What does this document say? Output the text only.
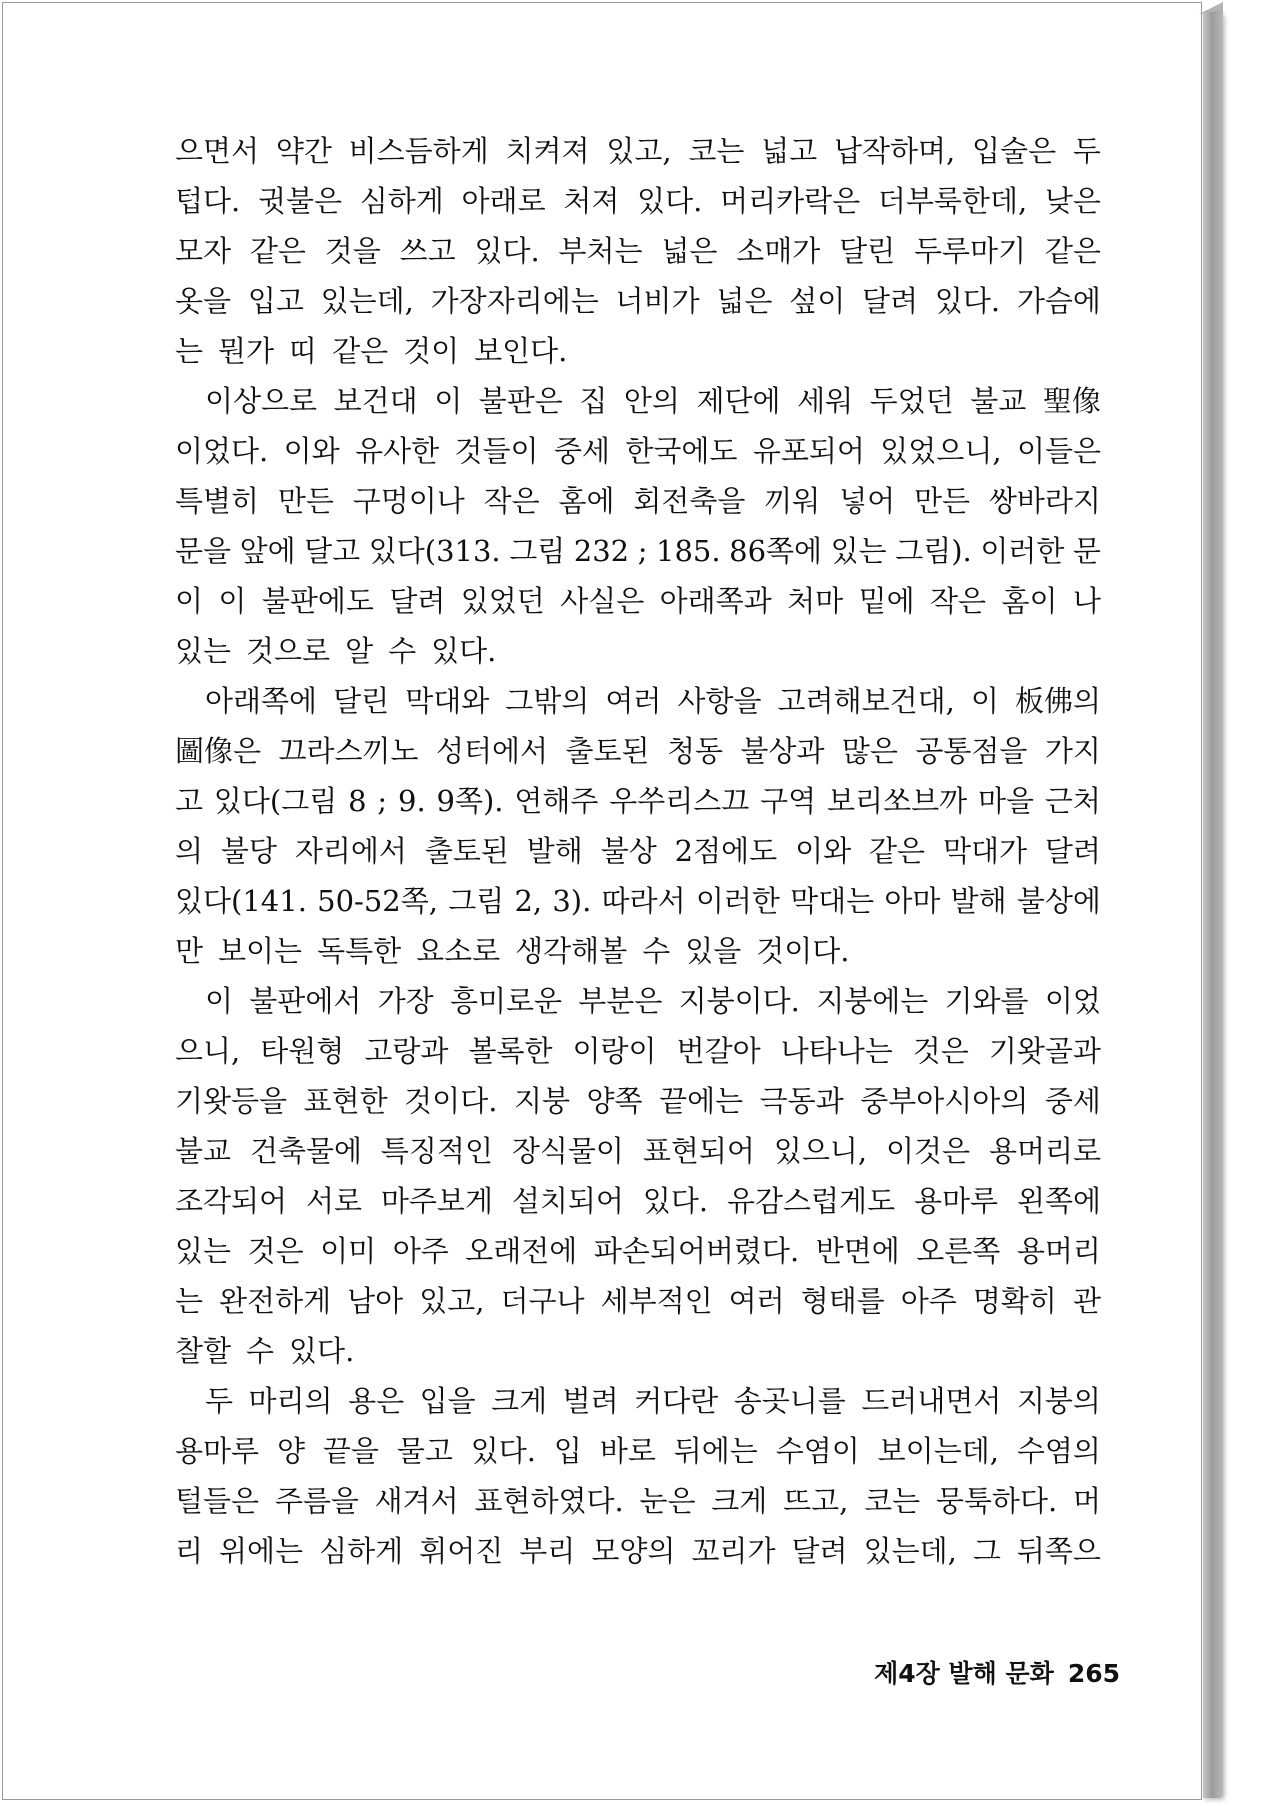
으면서 약간 비스듬하게 치켜져 있고, 코는 넓고 납작하며, 입술은 두
텁다. 귓불은 심하게 아래로 처져 있다. 머리카락은 더부룩한데, 낮은
모자 같은 것을 쓰고 있다. 부처는 넓은 소매가 달린 두루마기 같은
옷을 입고 있는데, 가장자리에는 너비가 넓은 섶이 달려 있다. 가슴에
는 뭔가 띠 같은 것이 보인다.
이상으로 보건대 이 불판은 집 안의 제단에 세워 두었던 불교 聖像
이었다. 이와 유사한 것들이 중세 한국에도 유포되어 있었으니, 이들은
특별히 만든 구멍이나 작은 홈에 회전축을 끼워 넣어 만든 쌍바라지
문을 앞에 달고 있다(313. 그림 232 ; 185. 86쪽에 있는 그림). 이러한 문
이 이 불판에도 달려 있었던 사실은 아래쪽과 처마 밑에 작은 홈이 나
있는 것으로 알 수 있다.
아래쪽에 달린 막대와 그밖의 여러 사항을 고려해보건대, 이 板佛의
圖像은 끄라스끼노 성터에서 출토된 청동 불상과 많은 공통점을 가지
고 있다(그림 8 ; 9. 9쪽). 연해주 우쑤리스끄 구역 보리쏘브까 마을 근처
의 불당 자리에서 출토된 발해 불상 2점에도 이와 같은 막대가 달려
있다(141. 50-52쪽, 그림 2, 3). 따라서 이러한 막대는 아마 발해 불상에
만 보이는 독특한 요소로 생각해볼 수 있을 것이다.
이 불판에서 가장 흥미로운 부분은 지붕이다. 지붕에는 기와를 이었
으니, 타원형 고랑과 볼록한 이랑이 번갈아 나타나는 것은 기왓골과
기왓등을 표현한 것이다. 지붕 양쪽 끝에는 극동과 중부아시아의 중세
불교 건축물에 특징적인 장식물이 표현되어 있으니, 이것은 용머리로
조각되어 서로 마주보게 설치되어 있다. 유감스럽게도 용마루 왼쪽에
있는 것은 이미 아주 오래전에 파손되어버렸다. 반면에 오른쪽 용머리
는 완전하게 남아 있고, 더구나 세부적인 여러 형태를 아주 명확히 관
찰할 수 있다.
두 마리의 용은 입을 크게 벌려 커다란 송곳니를 드러내면서 지붕의
용마루 양 끝을 물고 있다. 입 바로 뒤에는 수염이 보이는데, 수염의
털들은 주름을 새겨서 표현하였다. 눈은 크게 뜨고, 코는 뭉툭하다. 머
리 위에는 심하게 휘어진 부리 모양의 꼬리가 달려 있는데, 그 뒤쪽으
제4장 발해 문화 265
